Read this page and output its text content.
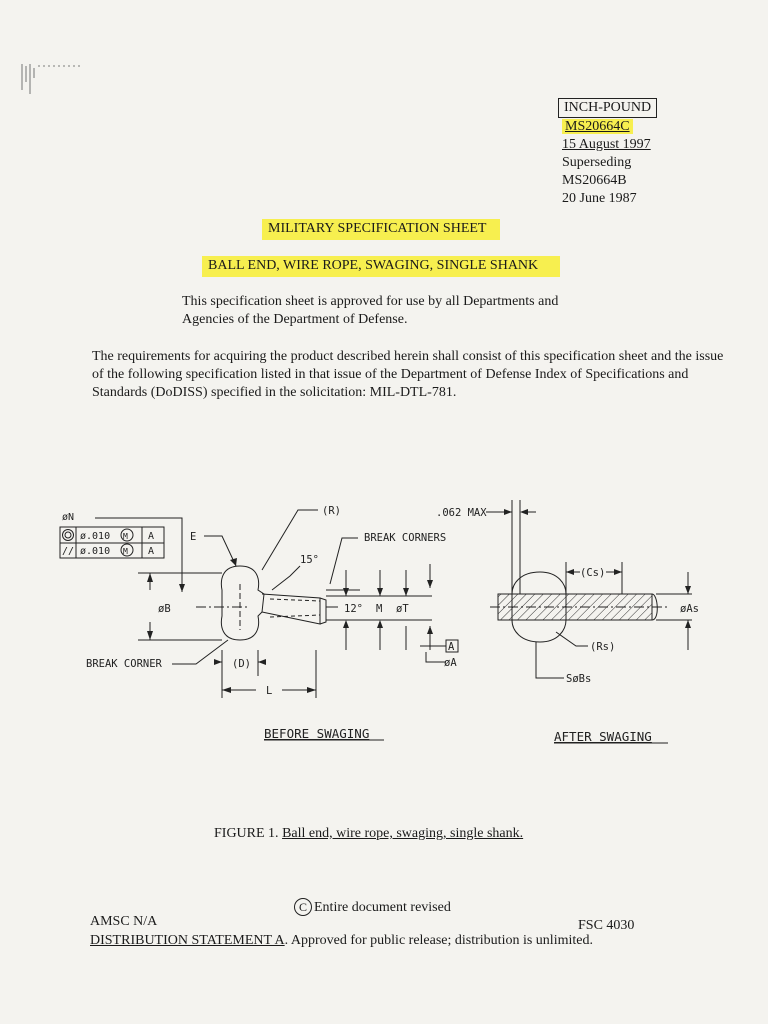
INCH-POUND
MS20664C
15 August 1997
Superseding
MS20664B
20 June 1987
MILITARY SPECIFICATION SHEET
BALL END, WIRE ROPE, SWAGING, SINGLE SHANK
This specification sheet is approved for use by all Departments and
Agencies of the Department of Defense.
The requirements for acquiring the product described herein shall consist of this specification sheet and the issue of the following specification listed in that issue of the Department of Defense Index of Specifications and Standards (DoDISS) specified in the solicitation: MIL-DTL-781.
øN
ø.010 M A
// ø.010 M A
E
(R)
BREAK CORNERS
15°
øB	12° M øT
A
øA
BREAK CORNER	(D)
L
.062 MAX
(Cs)
øAs
(Rs)
SøBs
BEFORE SWAGING	AFTER SWAGING
FIGURE 1. Ball end, wire rope, swaging, single shank.
C Entire document revised
AMSC N/A	FSC 4030
DISTRIBUTION STATEMENT A. Approved for public release; distribution is unlimited.
